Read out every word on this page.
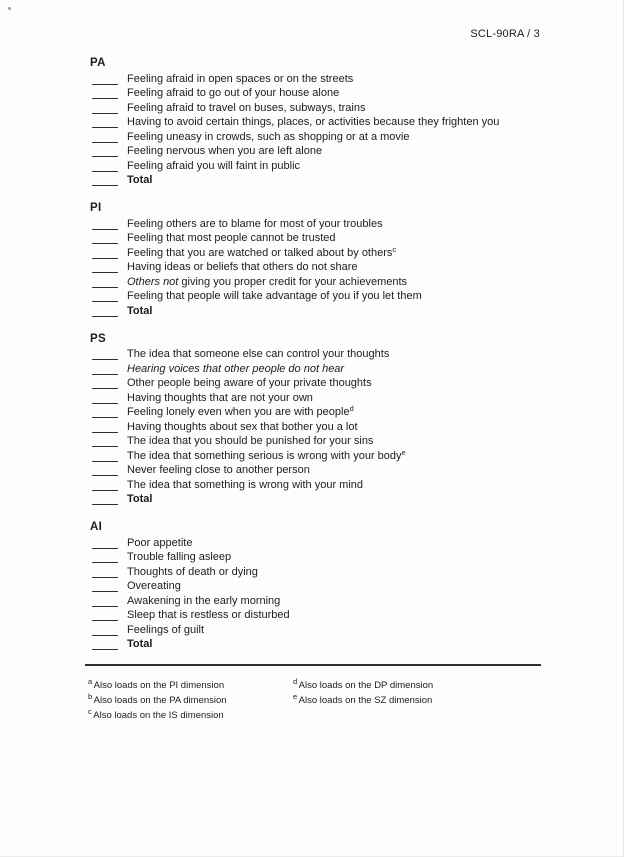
SCL-90RA / 3
PA
Feeling afraid in open spaces or on the streets
Feeling afraid to go out of your house alone
Feeling afraid to travel on buses, subways, trains
Having to avoid certain things, places, or activities because they frighten you
Feeling uneasy in crowds, such as shopping or at a movie
Feeling nervous when you are left alone
Feeling afraid you will faint in public
Total
PI
Feeling others are to blame for most of your troubles
Feeling that most people cannot be trusted
Feeling that you are watched or talked about by others$^c$
Having ideas or beliefs that others do not share
Others not giving you proper credit for your achievements
Feeling that people will take advantage of you if you let them
Total
PS
The idea that someone else can control your thoughts
Hearing voices that other people do not hear
Other people being aware of your private thoughts
Having thoughts that are not your own
Feeling lonely even when you are with people$^d$
Having thoughts about sex that bother you a lot
The idea that you should be punished for your sins
The idea that something serious is wrong with your body$^e$
Never feeling close to another person
The idea that something is wrong with your mind
Total
AI
Poor appetite
Trouble falling asleep
Thoughts of death or dying
Overeating
Awakening in the early morning
Sleep that is restless or disturbed
Feelings of guilt
Total
$^a$ Also loads on the PI dimension
$^b$ Also loads on the PA dimension
$^c$ Also loads on the IS dimension
$^d$ Also loads on the DP dimension
$^e$ Also loads on the SZ dimension
